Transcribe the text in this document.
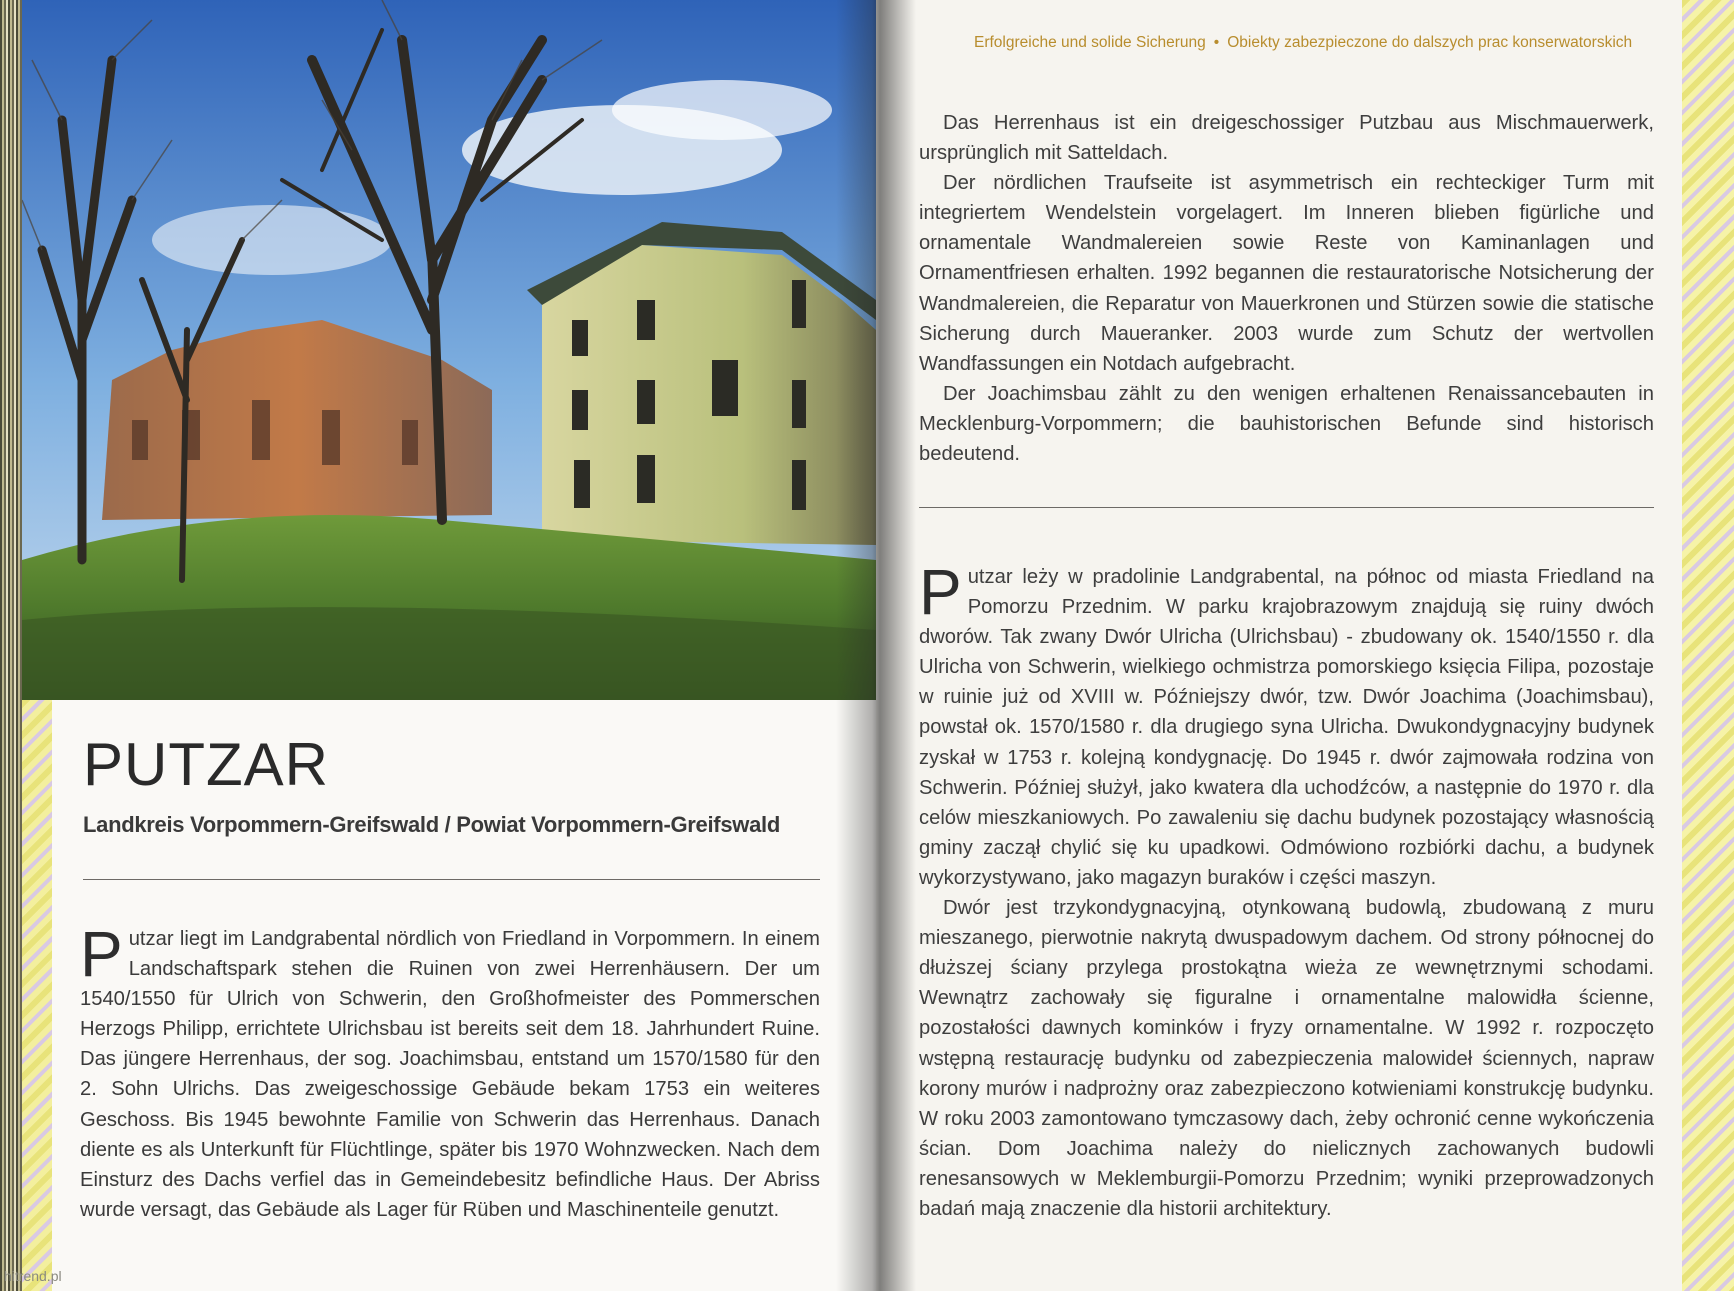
PUTZAR
Landkreis Vorpommern-Greifswald / Powiat Vorpommern-Greifswald
Putzar liegt im Landgrabental nördlich von Friedland in Vorpommern. In einem Landschaftspark stehen die Ruinen von zwei Herrenhäusern. Der um 1540/1550 für Ulrich von Schwerin, den Großhofmeister des Pommerschen Herzogs Philipp, errichtete Ulrichsbau ist bereits seit dem 18. Jahrhundert Ruine. Das jüngere Herrenhaus, der sog. Joachimsbau, entstand um 1570/1580 für den 2. Sohn Ulrichs. Das zweigeschossige Gebäude bekam 1753 ein weiteres Geschoss. Bis 1945 bewohnte Familie von Schwerin das Herrenhaus. Danach diente es als Unterkunft für Flüchtlinge, später bis 1970 Wohnzwecken. Nach dem Einsturz des Dachs verfiel das in Gemeindebesitz befindliche Haus. Der Abriss wurde versagt, das Gebäude als Lager für Rüben und Maschinenteile genutzt.
hitrend.pl
Erfolgreiche und solide Sicherung • Obiekty zabezpieczone do dalszych prac konserwatorskich

Das Herrenhaus ist ein dreigeschossiger Putzbau aus Mischmauerwerk, ursprünglich mit Satteldach.

Der nördlichen Traufseite ist asymmetrisch ein rechteckiger Turm mit integriertem Wendelstein vorgelagert. Im Inneren blieben figürliche und ornamentale Wandmalereien sowie Reste von Kaminanlagen und Ornamentfriesen erhalten. 1992 begannen die restauratorische Notsicherung der Wandmalereien, die Reparatur von Mauerkronen und Stürzen sowie die statische Sicherung durch Maueranker. 2003 wurde zum Schutz der wertvollen Wandfassungen ein Notdach aufgebracht.

Der Joachimsbau zählt zu den wenigen erhaltenen Renaissancebauten in Mecklenburg-Vorpommern; die bauhistorischen Befunde sind historisch bedeutend.

Putzar leży w pradolinie Landgrabental, na północ od miasta Friedland na Pomorzu Przednim. W parku krajobrazowym znajdują się ruiny dwóch dworów. Tak zwany Dwór Ulricha (Ulrichsbau) - zbudowany ok. 1540/1550 r. dla Ulricha von Schwerin, wielkiego ochmistrza pomorskiego księcia Filipa, pozostaje w ruinie już od XVIII w. Późniejszy dwór, tzw. Dwór Joachima (Joachimsbau), powstał ok. 1570/1580 r. dla drugiego syna Ulricha. Dwukondygnacyjny budynek zyskał w 1753 r. kolejną kondygnację. Do 1945 r. dwór zajmowała rodzina von Schwerin. Później służył, jako kwatera dla uchodźców, a następnie do 1970 r. dla celów mieszkaniowych. Po zawaleniu się dachu budynek pozostający własnością gminy zaczął chylić się ku upadkowi. Odmówiono rozbiórki dachu, a budynek wykorzystywano, jako magazyn buraków i części maszyn.

Dwór jest trzykondygnacyjną, otynkowaną budowlą, zbudowaną z muru mieszanego, pierwotnie nakrytą dwuspadowym dachem. Od strony północnej do dłuższej ściany przylega prostokątna wieża ze wewnętrznymi schodami. Wewnątrz zachowały się figuralne i ornamentalne malowidła ścienne, pozostałości dawnych kominków i fryzy ornamentalne. W 1992 r. rozpoczęto wstępną restaurację budynku od zabezpieczenia malowideł ściennych, napraw korony murów i nadprożny oraz zabezpieczono kotwieniami konstrukcję budynku. W roku 2003 zamontowano tymczasowy dach, żeby ochronić cenne wykończenia ścian. Dom Joachima należy do nielicznych zachowanych budowli renesansowych w Meklemburgii-Pomorzu Przednim; wyniki przeprowadzonych badań mają znaczenie dla historii architektury.
